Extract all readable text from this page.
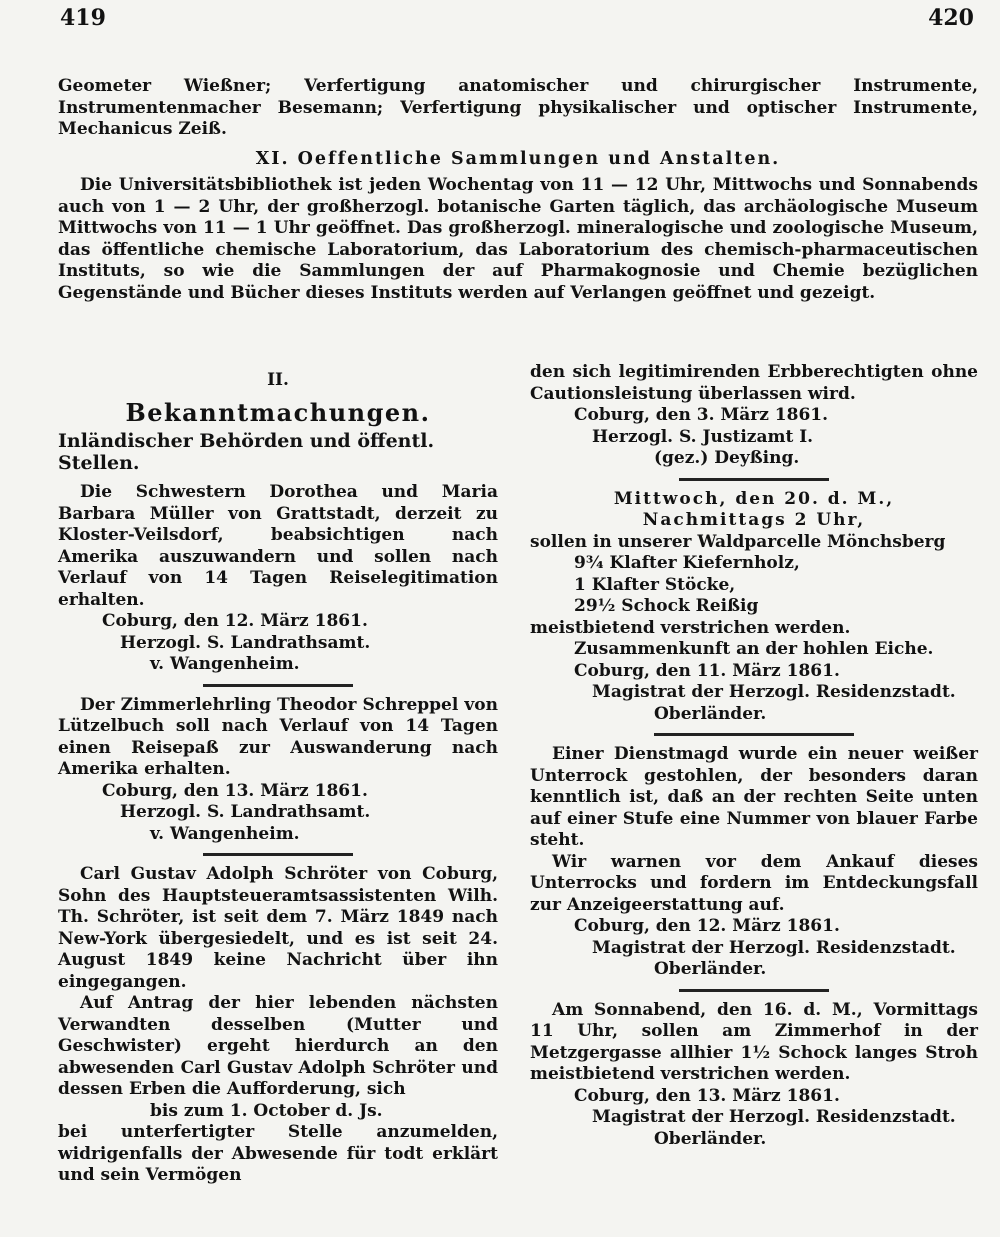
419	420

Geometer Wießner; Verfertigung anatomischer und chirurgischer Instrumente, Instrumentenmacher Besemann; Verfertigung physikalischer und optischer Instrumente, Mechanicus Zeiß.

XI. Oeffentliche Sammlungen und Anstalten.

Die Universitätsbibliothek ist jeden Wochentag von 11 — 12 Uhr, Mittwochs und Sonnabends auch von 1 — 2 Uhr, der großherzogl. botanische Garten täglich, das archäologische Museum Mittwochs von 11 — 1 Uhr geöffnet. Das großherzogl. mineralogische und zoologische Museum, das öffentliche chemische Laboratorium, das Laboratorium des chemisch-pharmaceutischen Instituts, so wie die Sammlungen der auf Pharmakognosie und Chemie bezüglichen Gegenstände und Bücher dieses Instituts werden auf Verlangen geöffnet und gezeigt.

II.
Bekanntmachungen.
Inländischer Behörden und öffentl. Stellen.

Die Schwestern Dorothea und Maria Barbara Müller von Grattstadt, derzeit zu Kloster-Veilsdorf, beabsichtigen nach Amerika auszuwandern und sollen nach Verlauf von 14 Tagen Reiselegitimation erhalten.

Coburg, den 12. März 1861.
Herzogl. S. Landrathsamt.
v. Wangenheim.

Der Zimmerlehrling Theodor Schreppel von Lützelbuch soll nach Verlauf von 14 Tagen einen Reisepaß zur Auswanderung nach Amerika erhalten.

Coburg, den 13. März 1861.
Herzogl. S. Landrathsamt.
v. Wangenheim.

Carl Gustav Adolph Schröter von Coburg, Sohn des Hauptsteueramtsassistenten Wilh. Th. Schröter, ist seit dem 7. März 1849 nach New-York übergesiedelt, und es ist seit 24. August 1849 keine Nachricht über ihn eingegangen.

Auf Antrag der hier lebenden nächsten Verwandten desselben (Mutter und Geschwister) ergeht hierdurch an den abwesenden Carl Gustav Adolph Schröter und dessen Erben die Aufforderung, sich

bis zum 1. October d. Js.

bei unterfertigter Stelle anzumelden, widrigenfalls der Abwesende für todt erklärt und sein Vermögen

den sich legitimirenden Erbberechtigten ohne Cautionsleistung überlassen wird.

Coburg, den 3. März 1861.
Herzogl. S. Justizamt I.
(gez.) Deyßing.
Mittwoch, den 20. d. M.,
Nachmittags 2 Uhr,
sollen in unserer Waldparcelle Mönchsberg
9¾ Klafter Kiefernholz,
1 Klafter Stöcke,
29½ Schock Reißig
meistbietend verstrichen werden.
Zusammenkunft an der hohlen Eiche.
Coburg, den 11. März 1861.
Magistrat der Herzogl. Residenzstadt.
Oberländer.

Einer Dienstmagd wurde ein neuer weißer Unterrock gestohlen, der besonders daran kenntlich ist, daß an der rechten Seite unten auf einer Stufe eine Nummer von blauer Farbe steht.

Wir warnen vor dem Ankauf dieses Unterrocks und fordern im Entdeckungsfall zur Anzeigeerstattung auf.

Coburg, den 12. März 1861.
Magistrat der Herzogl. Residenzstadt.
Oberländer.

Am Sonnabend, den 16. d. M., Vormittags 11 Uhr, sollen am Zimmerhof in der Metzgergasse allhier 1½ Schock langes Stroh meistbietend verstrichen werden.

Coburg, den 13. März 1861.
Magistrat der Herzogl. Residenzstadt.
Oberländer.
